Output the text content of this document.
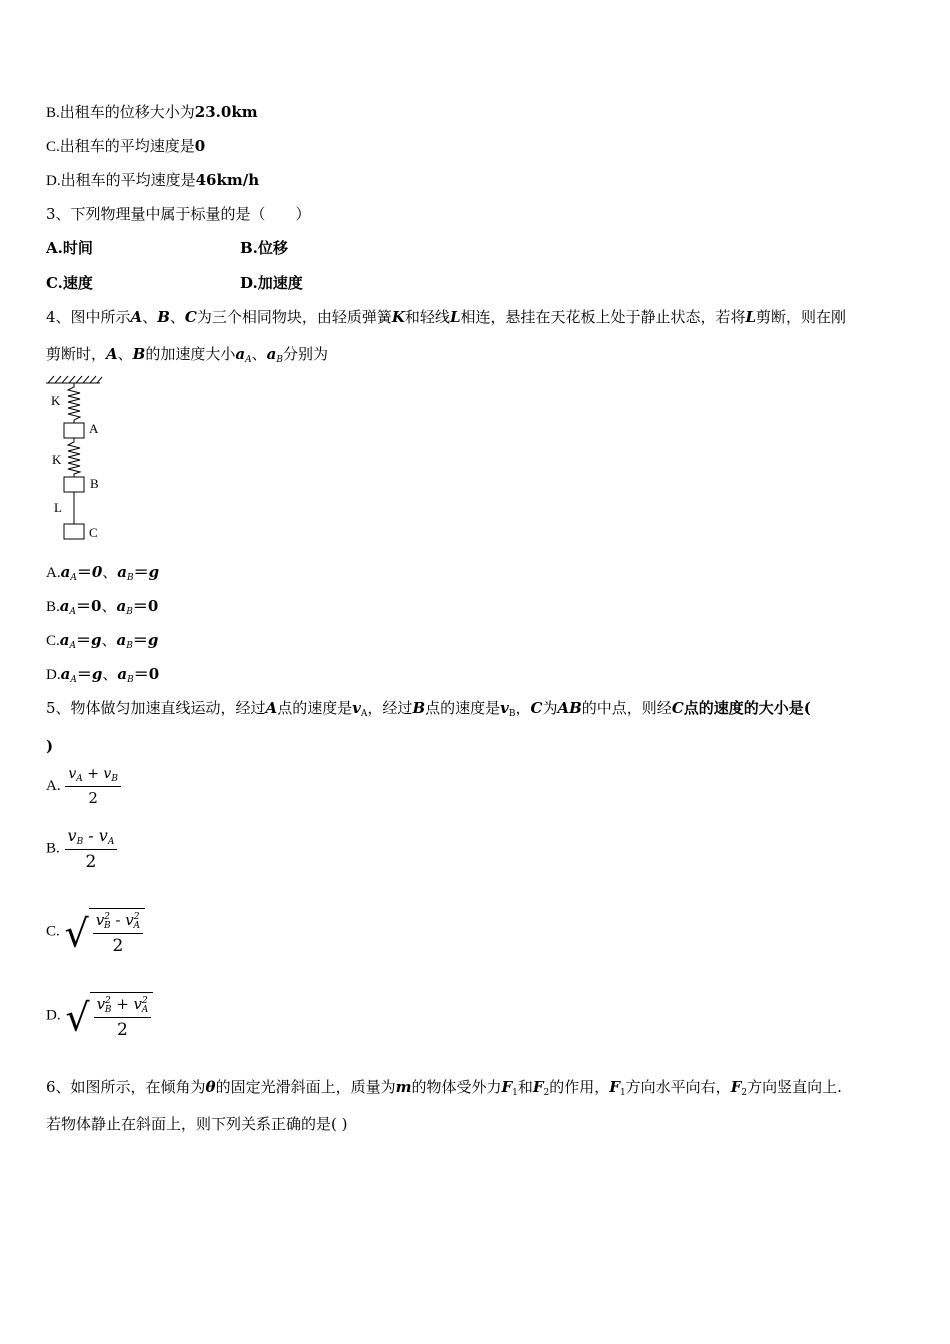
B.出租车的位移大小为23.0km
C.出租车的平均速度是0
D.出租车的平均速度是46km/h
3、下列物理量中属于标量的是（　　）
A.时间	B.位移
C.速度	D.加速度
4、图中所示A、B、C为三个相同物块，由轻质弹簧K和轻线L相连，悬挂在天花板上处于静止状态，若将L剪断，则在刚
剪断时，A、B的加速度大小$a_A$、$a_B$分别为
K
A
K
B
L
C
$A.a_A=0$、$a_B=g$
$B.a_A=0$、$a_B=0$
$C.a_A=g$、$a_B=g$
$D.a_A=g$、$a_B=0$
5、物体做匀加速直线运动，经过A点的速度是$v_A$，经过B点的速度是$v_B$，C为AB的中点，则经C点的速度的大小是(
)
A. $\frac{v_A + v_B}{2}$
B. $\frac{v_B - v_A}{2}$
C. √ $\frac{v^2_B - v^2_A}{2}$
D. √ $\frac{v^2_B + v^2_A}{2}$
6、如图所示，在倾角为θ的固定光滑斜面上，质量为m的物体受外力$F_1$和$F_2$的作用，$F_1$方向水平向右，$F_2$方向竖直向上.
若物体静止在斜面上，则下列关系正确的是( )
